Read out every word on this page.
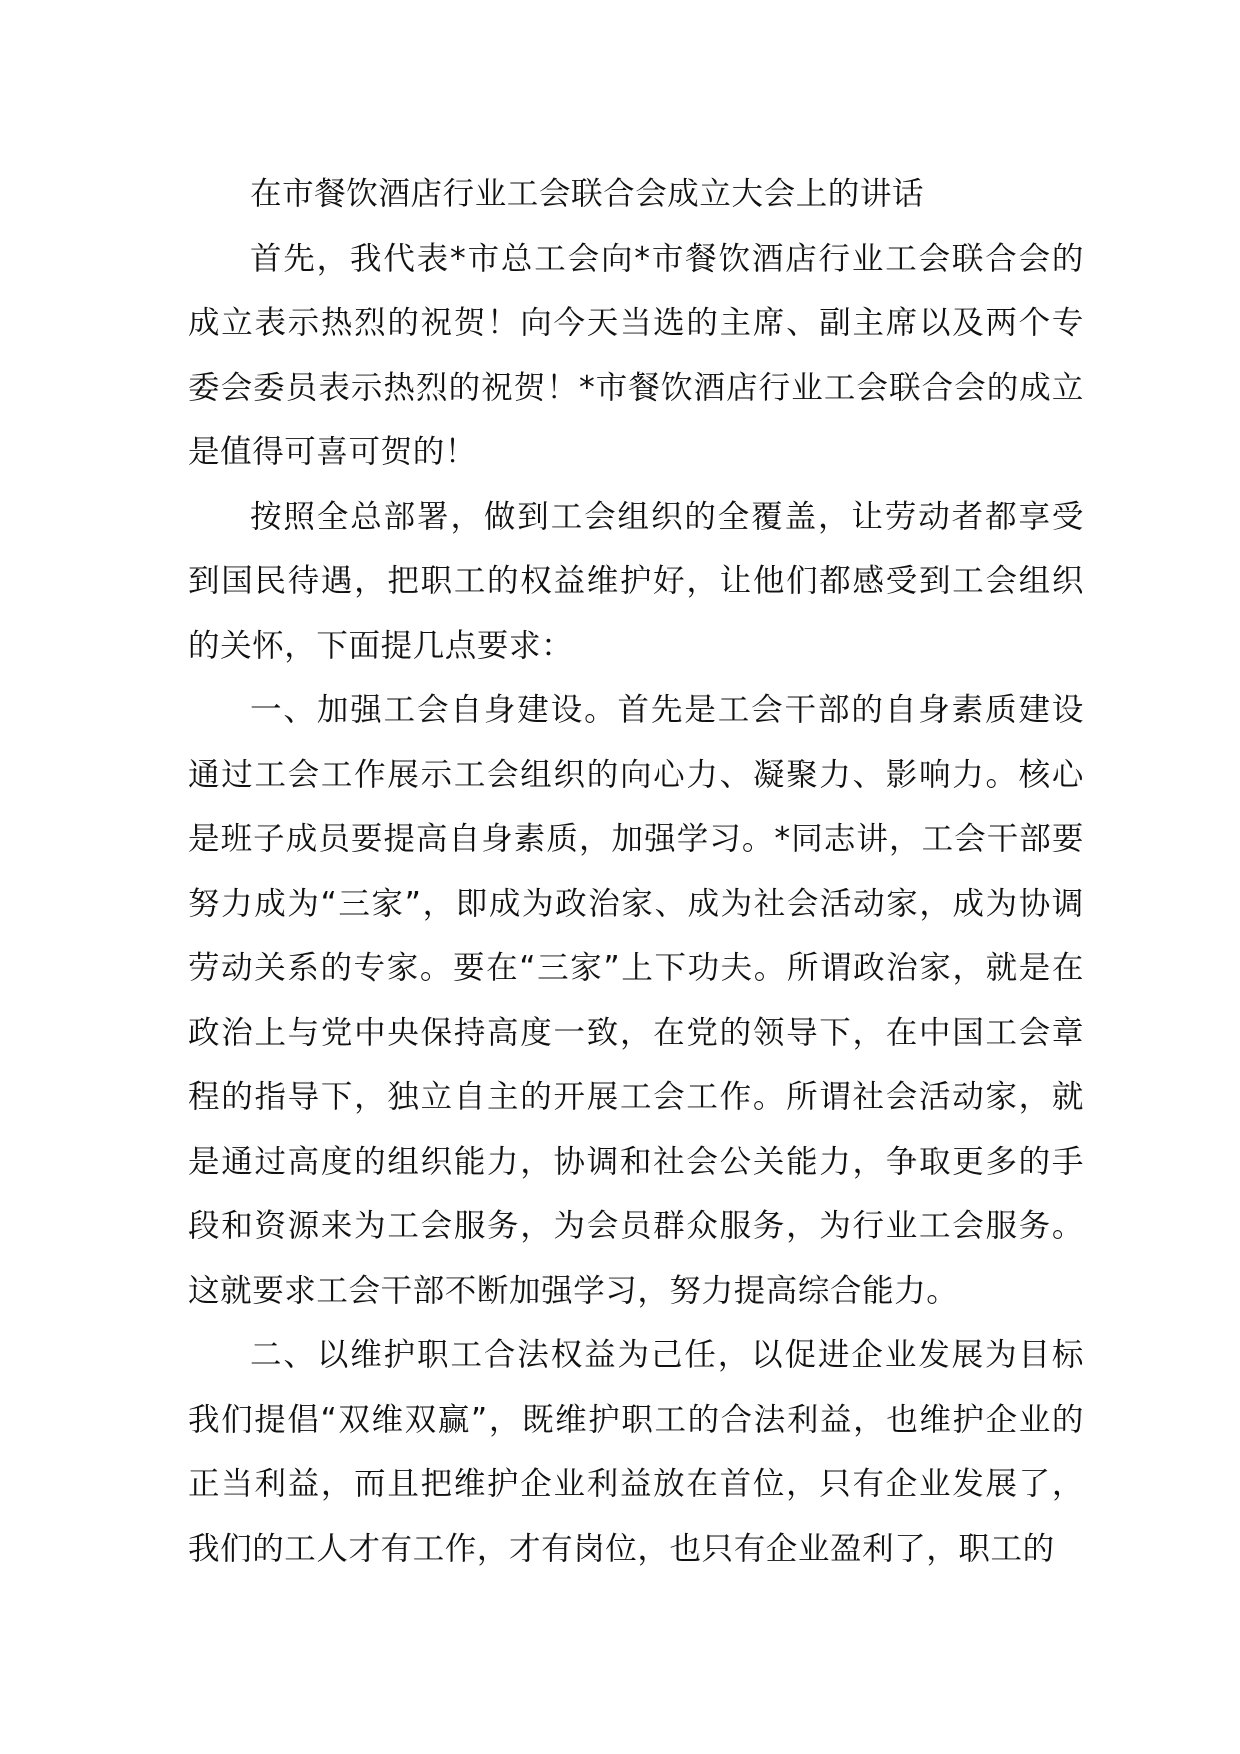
在市餐饮酒店行业工会联合会成立大会上的讲话

首先，我代表*市总工会向*市餐饮酒店行业工会联合会的成立表示热烈的祝贺！向今天当选的主席、副主席以及两个专委会委员表示热烈的祝贺！*市餐饮酒店行业工会联合会的成立是值得可喜可贺的！

按照全总部署，做到工会组织的全覆盖，让劳动者都享受到国民待遇，把职工的权益维护好，让他们都感受到工会组织的关怀，下面提几点要求：

一、加强工会自身建设。首先是工会干部的自身素质建设通过工会工作展示工会组织的向心力、凝聚力、影响力。核心是班子成员要提高自身素质，加强学习。*同志讲，工会干部要努力成为“三家”，即成为政治家、成为社会活动家，成为协调劳动关系的专家。要在“三家”上下功夫。所谓政治家，就是在政治上与党中央保持高度一致，在党的领导下，在中国工会章程的指导下，独立自主的开展工会工作。所谓社会活动家，就是通过高度的组织能力，协调和社会公关能力，争取更多的手段和资源来为工会服务，为会员群众服务，为行业工会服务。这就要求工会干部不断加强学习，努力提高综合能力。

二、以维护职工合法权益为己任，以促进企业发展为目标我们提倡“双维双赢”，既维护职工的合法利益，也维护企业的正当利益，而且把维护企业利益放在首位，只有企业发展了，我们的工人才有工作，才有岗位，也只有企业盈利了，职工的
